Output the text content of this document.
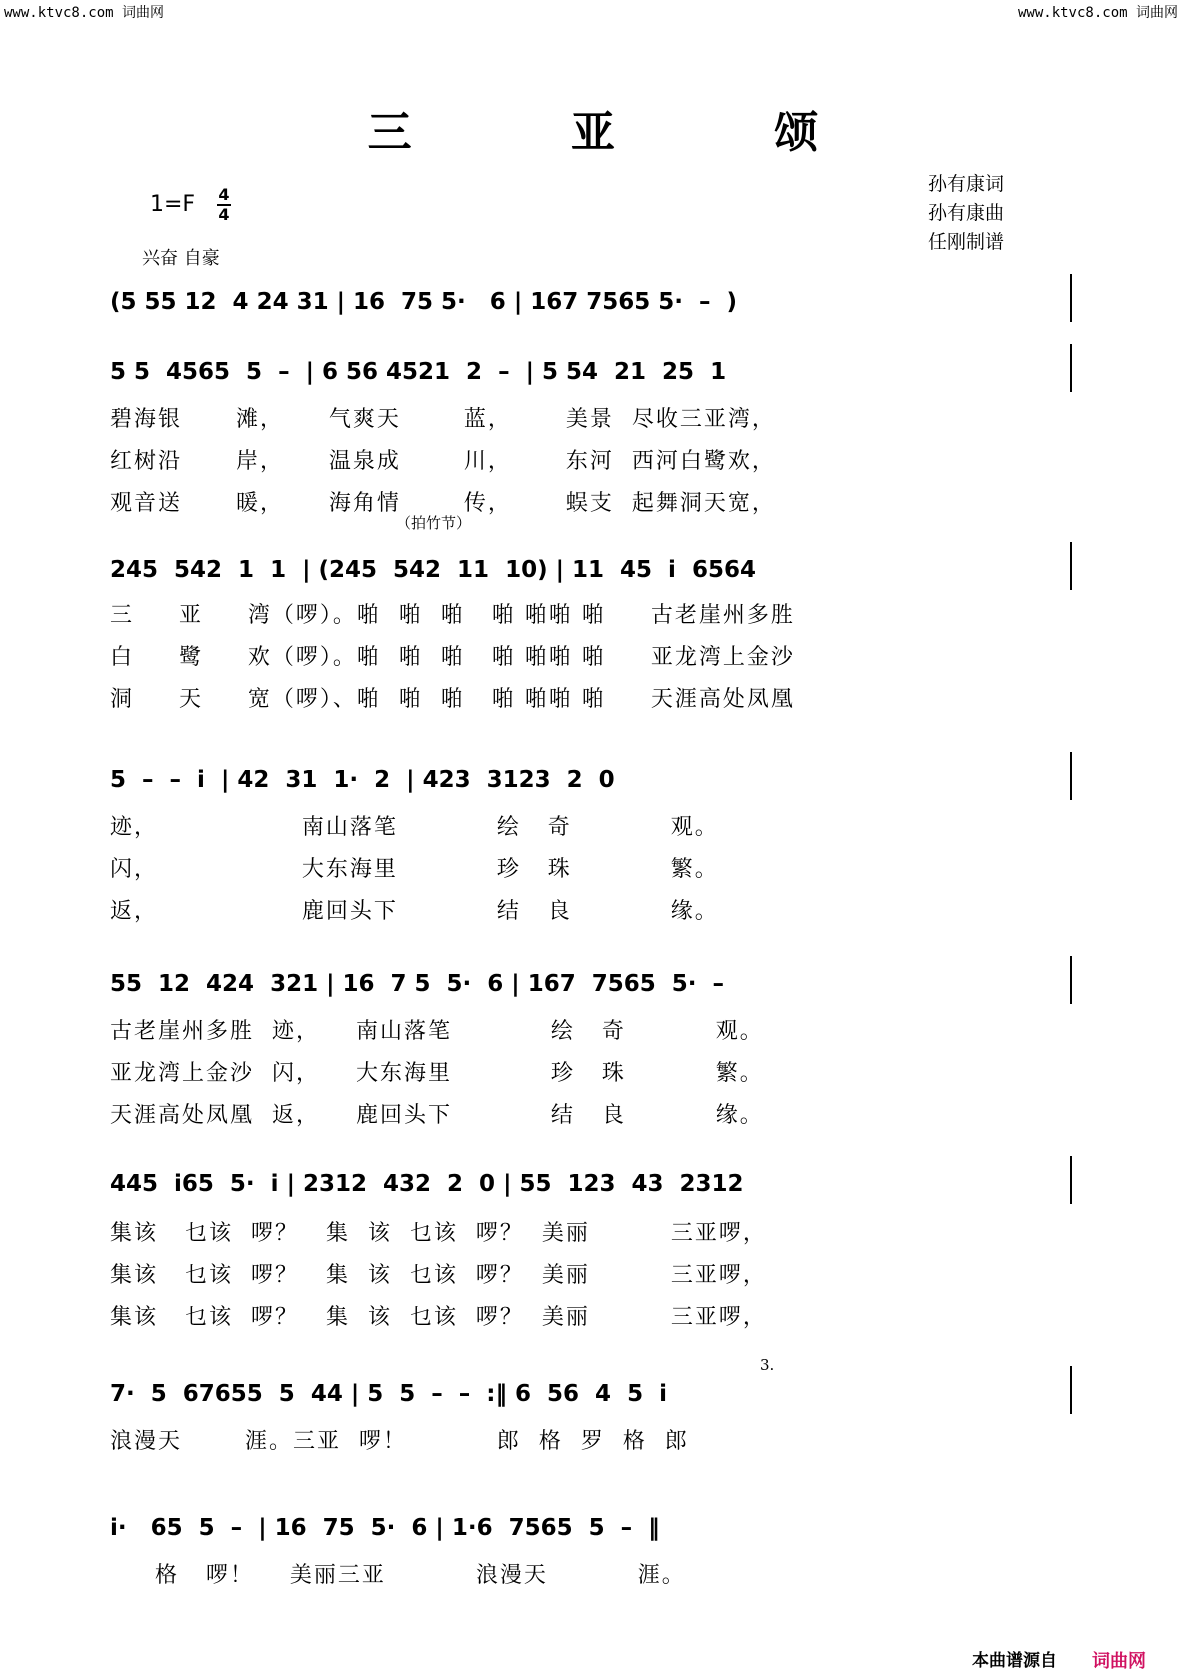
www.ktvc8.com 词曲网	www.ktvc8.com 词曲网
三 亚 颂
1=F 4
4
兴奋 自豪
孙有康词
孙有康曲
任刚制谱
(5 55 12  4 24 31 | 16  75 5·   6 | 167 7565 5·  –  )
5 5  4565  5  –  | 6 56 4521  2  –  | 5 54  21  25  1
碧海银      滩，     气爽天       蓝，      美景  尽收三亚湾，
红树沿      岸，     温泉成       川，      东河  西河白鹭欢，
观音送      暖，     海角情       传，      蜈支  起舞洞天宽，
（拍竹节）
245  542  1  1  | (245  542  11  10) | 11  45  i  6564
三     亚     湾（啰）。啪  啪  啪   啪 啪啪 啪     古老崖州多胜
白     鹭     欢（啰）。啪  啪  啪   啪 啪啪 啪     亚龙湾上金沙
洞     天     宽（啰）、啪  啪  啪   啪 啪啪 啪     天涯高处凤凰
5  –  –  i  | 42  31  1·  2  | 423  3123  2  0
迹，                南山落笔           绘   奇           观。
闪，                大东海里           珍   珠           繁。
返，                鹿回头下           结   良           缘。
55  12  424  321 | 16  7 5  5·  6 | 167  7565  5·  –
古老崖州多胜  迹，    南山落笔           绘   奇          观。
亚龙湾上金沙  闪，    大东海里           珍   珠          繁。
天涯高处凤凰  返，    鹿回头下           结   良          缘。
445  i65  5·  i | 2312  432  2  0 | 55  123  43  2312
集该   乜该  啰？   集  该  乜该  啰？  美丽         三亚啰，
集该   乜该  啰？   集  该  乜该  啰？  美丽         三亚啰，
集该   乜该  啰？   集  该  乜该  啰？  美丽         三亚啰，
3.
7·  5  67655  5  44 | 5  5  –  –  :‖ 6  56  4  5  i
浪漫天       涯。三亚  啰！          郎  格  罗  格  郎
i·   65  5  –  | 16  75  5·  6 | 1·6  7565  5  –  ‖
格   啰！    美丽三亚          浪漫天          涯。
本曲谱源自 词曲网
